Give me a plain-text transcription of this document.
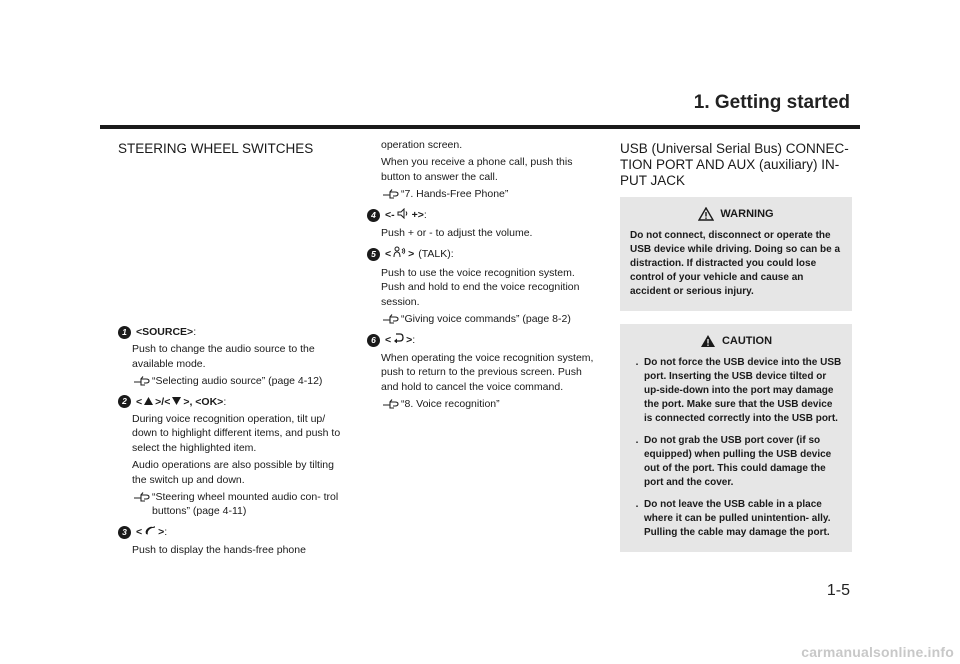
1. Getting started
STEERING WHEEL SWITCHES
1 <SOURCE> :

Push to change the audio source to the available mode.

“Selecting audio source” (page 4-12)
2 < >/< >, <OK> :

During voice recognition operation, tilt up/ down to highlight different items, and push to select the highlighted item.

Audio operations are also possible by tilting the switch up and down.

“Steering wheel mounted audio con- trol buttons” (page 4-11)
3 < > :

Push to display the hands-free phone

operation screen.

When you receive a phone call, push this button to answer the call.

“7. Hands-Free Phone”
4 <- +> :

Push + or - to adjust the volume.

5 < > (TALK):

Push to use the voice recognition system. Push and hold to end the voice recognition session.

“Giving voice commands” (page 8-2)
6 < > :

When operating the voice recognition system, push to return to the previous screen. Push and hold to cancel the voice command.

“8. Voice recognition”
USB (Universal Serial Bus) CONNEC-
TION PORT AND AUX (auxiliary) IN-
PUT JACK
WARNING
Do not connect, disconnect or operate the USB device while driving. Doing so can be a distraction. If distracted you could lose control of your vehicle and cause an accident or serious injury.
CAUTION
. Do not force the USB device into the USB port. Inserting the USB device tilted or up-side-down into the port may damage the port. Make sure that the USB device is connected correctly into the USB port.
. Do not grab the USB port cover (if so equipped) when pulling the USB device out of the port. This could damage the port and the cover.
. Do not leave the USB cable in a place where it can be pulled unintention- ally. Pulling the cable may damage the port.
1-5
carmanualsonline.info
